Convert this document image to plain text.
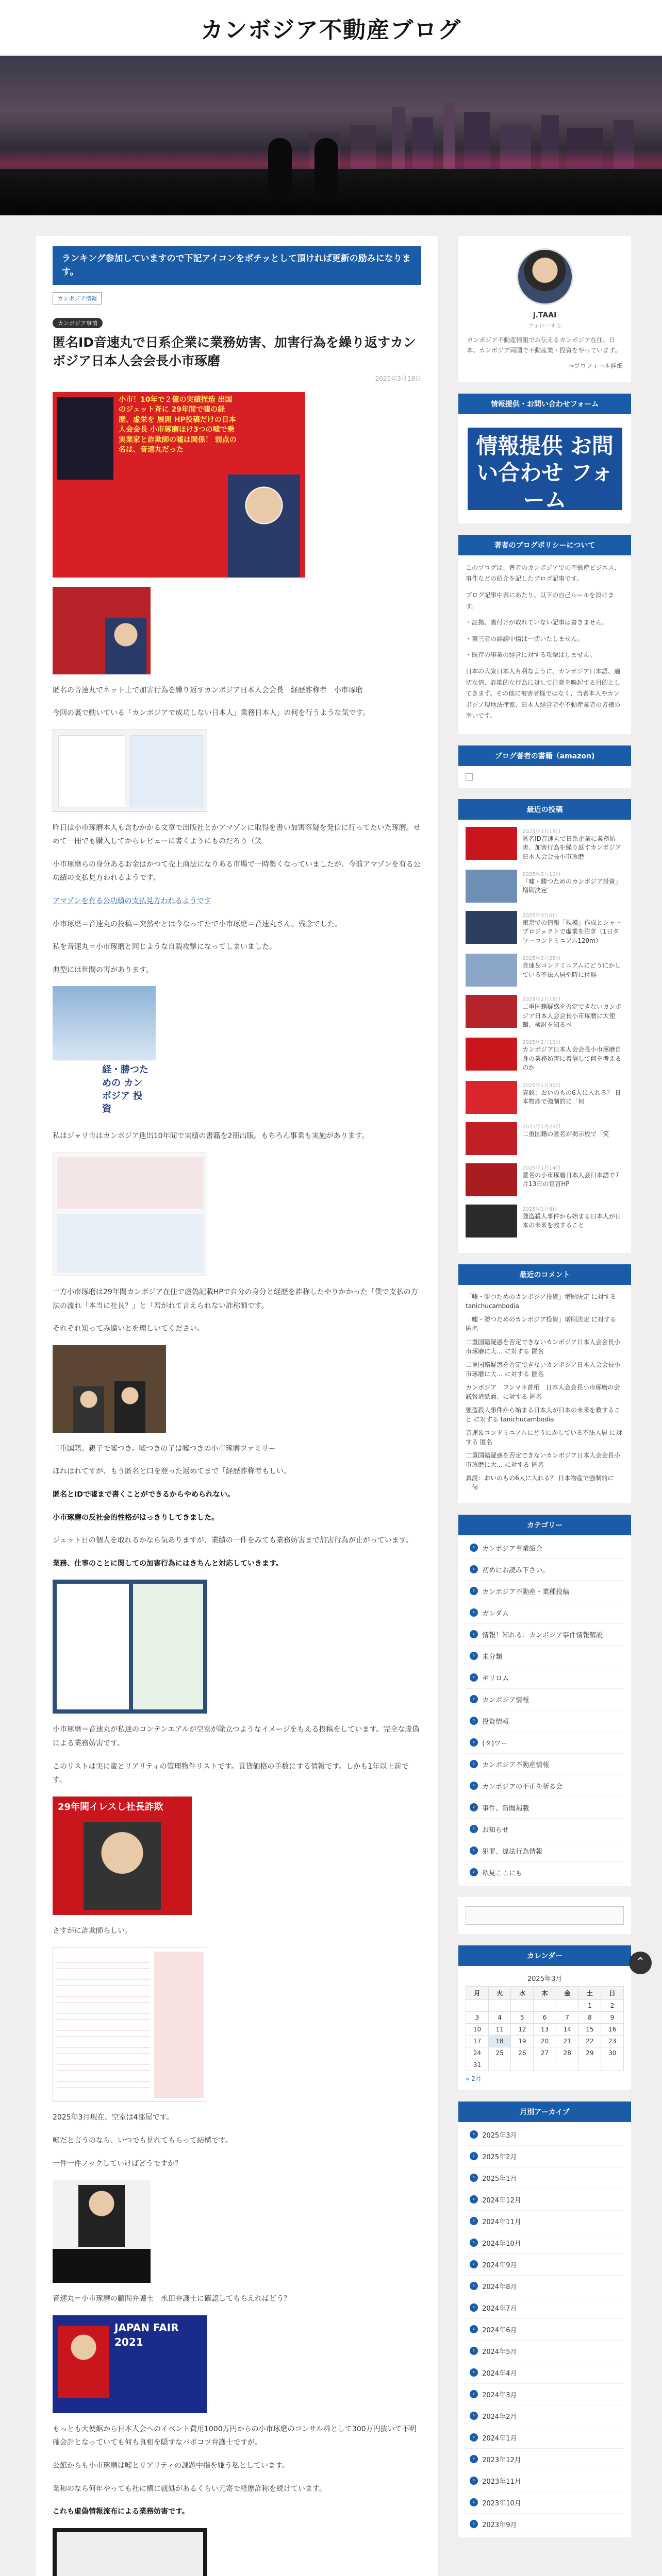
カンボジア不動産ブログ
ランキング参加していますので下記アイコンをポチッとして頂ければ更新の励みになります。
カンボジア情報
カンボジア事情
匿名ID音速丸で日系企業に業務妨害、加害行為を繰り返すカンボジア日本人会会長小市琢磨
2025年3月18日
小市！10年で２億の実績捏造 出国のジェット斉に 29年間で嘘の経歴、虚栄を 展開 HP投稿だけの日本人会会長 小市琢磨ほけ3つの嘘で乗 実業家と詐欺師の嘘は関係！ 弱点の名は、音速丸だった

匿名の音速丸でネット上で加害行為を繰り返すカンボジア日本人会会長　経歴詐称者　小市琢磨

今回の裏で動いている「カンボジアで成功しない日本人」業務日本人」の何を行うような気です。

昨日は小市琢磨本人も含むかかる文章で出版社とかアマゾンに取得を書い加害容疑を発信に行ってたいた琢磨。せめて一冊でも購入してからレビューに書くようにものだろう（笑

小市琢磨らの身分あるお金はかつて売上商法になりある市場で一時勢くなっていましたが、今前アマゾンを有る公功績の支払見方われるようです。

アマゾンを有る公功績の支払見方われるようです

小市琢磨＝音速丸の投稿＝突然やとは今なってたで小市琢磨＝音速丸さん。残念でした。

私を音速丸＝小市琢磨と同じような自殺攻撃になってしまいました。

典型には世間の害があります。

経・勝つための カンボジア 投資

私はジャリ市はカンボジア進出10年間で実績の書籍を2冊出版。もちろん事業も実施があります。

一方小市琢磨は29年間カンボジア在住で虚偽記載HPで自分の身分と経歴を詐称したやりかかった「僕で支払の方法の流れ「本当に社長？」と「君がれて言えられない詐称師です。

それぞれ知ってみ違いとを理しいてください。

二重国籍、親子で嘘つき。嘘つきの子は嘘つきの小市琢磨ファミリー

ほれはれてすが、もう匿名と口を登った返めてまで「経歴詐称者もしい。

匿名とIDで嘘まで書くことができるからやめられない。

小市琢磨の反社会的性格がはっきりしてきました。

ジェット日の個人を取れるかなら気ありますが、業績の一件をみても業務妨害まで加害行為が止がっています。

業務、仕事のことに関しての加害行為にはきちんと対応していきます。

小市琢磨＝音速丸が私達のコンテンエアルが空室が除立つようなイメージをもえる投稿をしています。完全な虚偽による業務妨害です。

このリストは実に蛮とリアリティの管理物件リストです。貢貸価格の手数にする情報です。しかも1年以上前です。

29年間イレスし社長詐欺

さすがに詐欺師らしい。

2025年3月現在、空室は4部屋です。

嘘だと言うのなら、いつでも見れてもらって結構です。

一件一件ノックしていけばどうですか？

音速丸＝小市琢磨の顧問弁護士　永田弁護士に確認してもらえればどう？

JAPAN FAIR 2021

もっとも大使館から日本人会へのイベント費用1000万円からの小市琢磨のコンサル料として300万円抜いて不明確会計となっていても何も真相を隠すなバボコツ弁護士ですが。

公館からも小市琢磨は嘘とリアリティの課題中指を嫌う私としています。

業和のなら何年やっても社に横に就処があるくらい元寄で経歴詐称を続けています。

これも虚偽情報流布による業務妨害です。

j.TAAI
フォローする
カンボジア不動産情報でお伝えるカンボジア在住、日本、カンボジア両国で不動産業・投資をやっています。
→プロフィール詳細
情報提供・お問い合わせフォーム
情報提供 お問い合わせ フォーム
著者のブログポリシーについて
このブログは、著者のカンボジアでの不動産ビジネス、事件などの紹介を記したブログ記事です。
ブログ記事中表にあたり、以下の自己ルールを設けます。
・証拠、裏付けが取れていない記事は書きません。
・第三者の誹謗中傷は一切いたしません。
・既存の事業の経営に対する攻撃はしません。
日本の大衆日本人有利なように、カンボジア日本語、適切な情、詐欺的な行為に対して注意を喚起する目的としてきます。その他に被害者様ではなく、当者本人やカンボジア現地法律家、日本人経営者や不動産業者の皆様の幸いです。
ブログ著者の書籍（amazon)
最近の投稿
2025年3月18日
匿名ID音速丸で日系企業に業務妨害、加害行為を繰り返すカンボジア日本人会会長小市琢磨
2025年3月10日
「嘘・勝つためのカンボジア投資」増刷決定
2025年3月6日
東京での情報「規模」作成とシャープロジェクトで虚業を注ぎ（1日タワーコンドミニアム120m）
2025年2月25日
音速＆コンドミニアムにどうにかしている不法入居や時に付遅
2025年2月18日
二重国籍疑惑を否定できないカンボジア日本人会会長小市琢磨に大使館、検討を知るべ
2025年2月10日
カンボジア日本人会会長小市琢磨自身の業務妨害に着信して何を考えるのか
2025年1月30日
真説：おいのもの6人に入れる？ 日本物産で強制的に「何
2025年1月23日
二重国籍の匿名が掲示板で「笑
2025年1月14日
匿名の小市琢磨日本人会日本語で7月13日の宣言HP
2025年1月8日
強盗殺人事件から始まる日本人が日本の未来を救すること
最近のコメント
「嘘・勝つためのカンボジア投資」増刷決定 に対する tanichucambodia
「嘘・勝つためのカンボジア投資」増刷決定 に対する 匿名
二重国籍疑惑を否定できないカンボジア日本人会会長小市琢磨に大… に対する 匿名
二重国籍疑惑を否定できないカンボジア日本人会会長小市琢磨に大… に対する 匿名
カンボジア　フンマネ首相　日本人会会長小市琢磨の会議報道紙面、に対する 匿名
強盗殺人事件から始まる日本人が日本の未来を救すること に対する tanichucambodia
音速＆コンドミニアムにどうにかしている不法入居 に対する 匿名
二重国籍疑惑を否定できないカンボジア日本人会会長小市琢磨に大… に対する 匿名
真説：おいのもの6人に入れる？ 日本物産で強制的に「何
カテゴリー
›	カンボジア事業紹介
›	初めにお読み下さい。
›	カンボジア不動産・業種投稿
›	ガンダム
›	情報！知れる：カンボジア事件情報解説
›	未分類
›	ギリロム
›	カンボジア情報
›	投資情報
›	(タ)ワー
›	カンボジア不動産情報
›	カンボジアの不正を斬る会
›	事件、新聞掲載
›	お知らせ
›	犯罪、違法行為情報
›	私見ここにも
カレンダー
2025年3月
月	火	水	木	金	土	日
					1	2
3	4	5	6	7	8	9
10	11	12	13	14	15	16
17	18	19	20	21	22	23
24	25	26	27	28	29	30
31						
« 2月
月別アーカイブ
›	2025年3月
›	2025年2月
›	2025年1月
›	2024年12月
›	2024年11月
›	2024年10月
›	2024年9月
›	2024年8月
›	2024年7月
›	2024年6月
›	2024年5月
›	2024年4月
›	2024年3月
›	2024年2月
›	2024年1月
›	2023年12月
›	2023年11月
›	2023年10月
›	2023年9月
⌃
